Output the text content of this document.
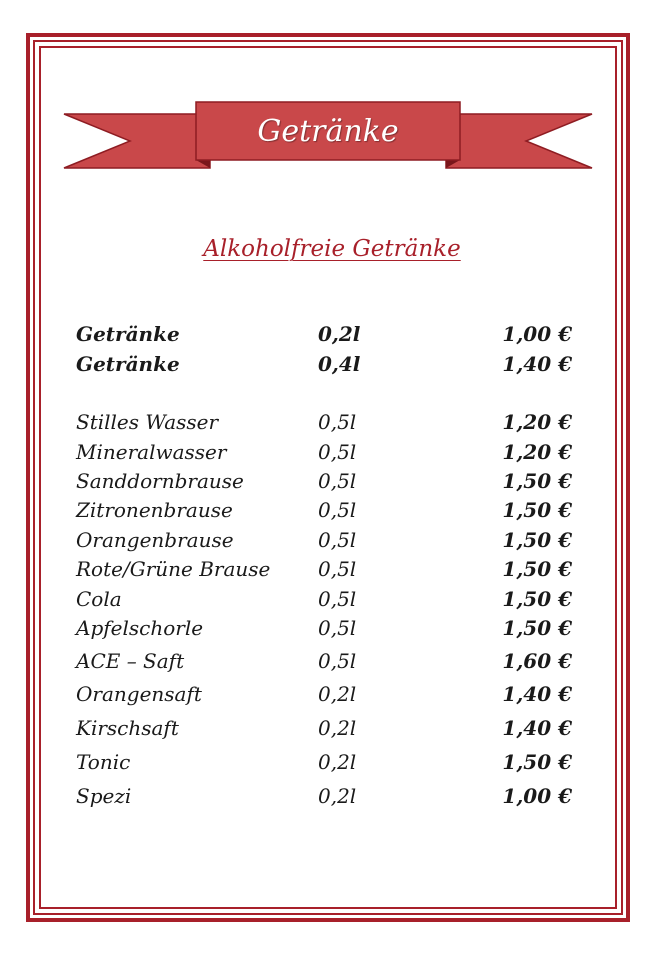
Getränke
Alkoholfreie Getränke
Getränke	0,2l	1,00 €
Getränke	0,4l	1,40 €
Stilles Wasser	0,5l	1,20 €
Mineralwasser	0,5l	1,20 €
Sanddornbrause	0,5l	1,50 €
Zitronenbrause	0,5l	1,50 €
Orangenbrause	0,5l	1,50 €
Rote/Grüne Brause 0,5l	1,50 €
Cola	0,5l	1,50 €
Apfelschorle	0,5l	1,50 €
ACE – Saft	0,5l	1,60 €
Orangensaft	0,2l	1,40 €
Kirschsaft	0,2l	1,40 €
Tonic	0,2l	1,50 €
Spezi	0,2l	1,00 €
